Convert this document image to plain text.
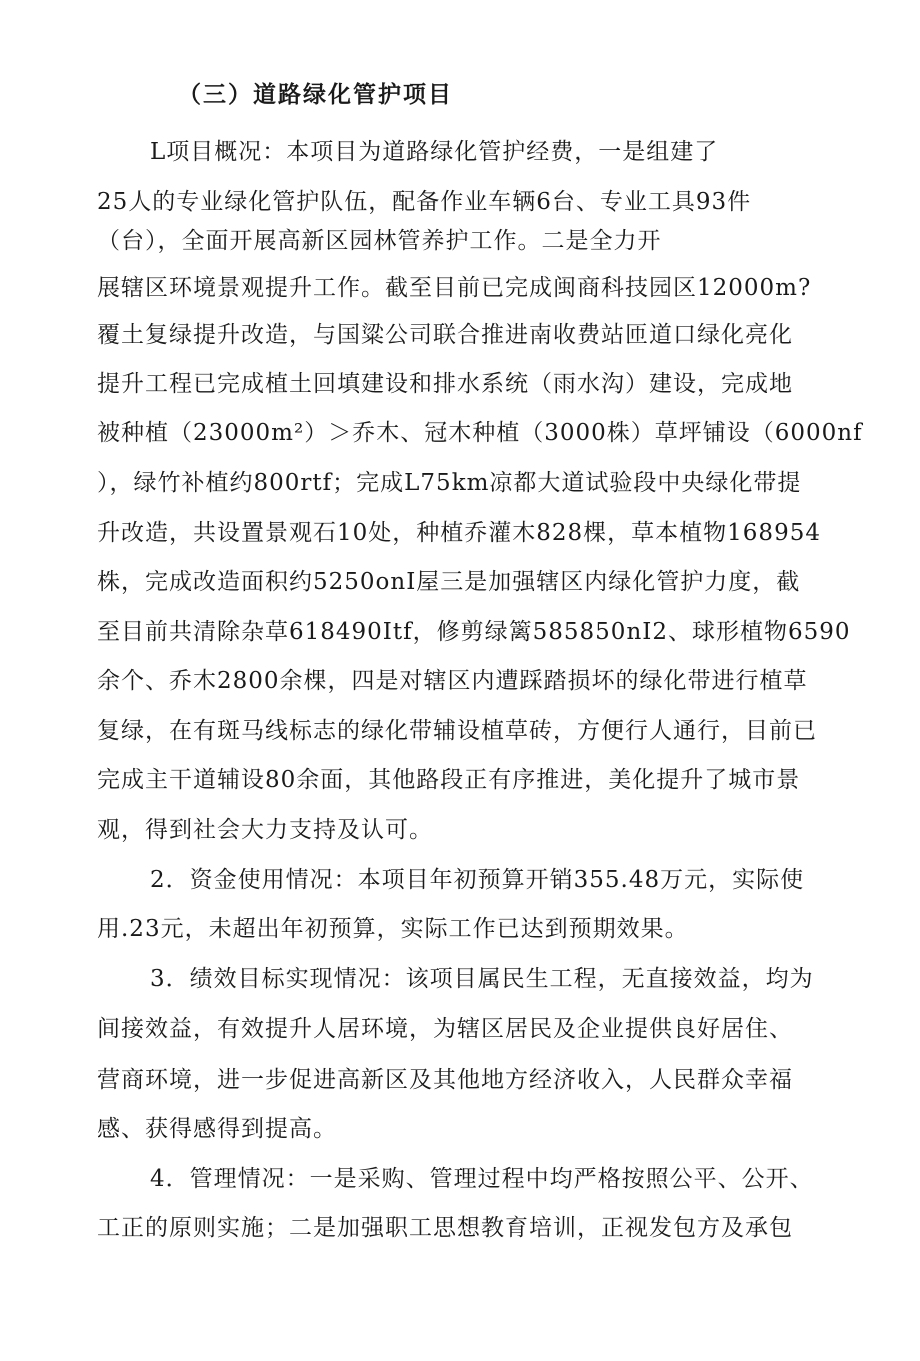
（三）道路绿化管护项目
L项目概况：本项目为道路绿化管护经费，一是组建了
25人的专业绿化管护队伍，配备作业车辆6台、专业工具93件
（台），全面开展高新区园林管养护工作。二是全力开
展辖区环境景观提升工作。截至目前已完成闽商科技园区12000m?
覆土复绿提升改造，与国粱公司联合推进南收费站匝道口绿化亮化
提升工程已完成植土回填建设和排水系统（雨水沟）建设，完成地
被种植（23000m²）＞乔木、冠木种植（3000株）草坪铺设（6000nf
），绿竹补植约800rtf；完成L75km凉都大道试验段中央绿化带提
升改造，共设置景观石10处，种植乔灌木828棵，草本植物168954
株，完成改造面积约5250onI屋三是加强辖区内绿化管护力度，截
至目前共清除杂草618490Itf，修剪绿篱585850nI2、球形植物6590
余个、乔木2800余棵，四是对辖区内遭踩踏损坏的绿化带进行植草
复绿，在有斑马线标志的绿化带辅设植草砖，方便行人通行，目前已
完成主干道辅设80余面，其他路段正有序推进，美化提升了城市景
观，得到社会大力支持及认可。
2．资金使用情况：本项目年初预算开销355.48万元，实际使
用.23元，未超出年初预算，实际工作已达到预期效果。
3．绩效目标实现情况：该项目属民生工程，无直接效益，均为
间接效益，有效提升人居环境，为辖区居民及企业提供良好居住、
营商环境，进一步促进高新区及其他地方经济收入，人民群众幸福
感、获得感得到提高。
4．管理情况：一是采购、管理过程中均严格按照公平、公开、
工正的原则实施；二是加强职工思想教育培训，正视发包方及承包
